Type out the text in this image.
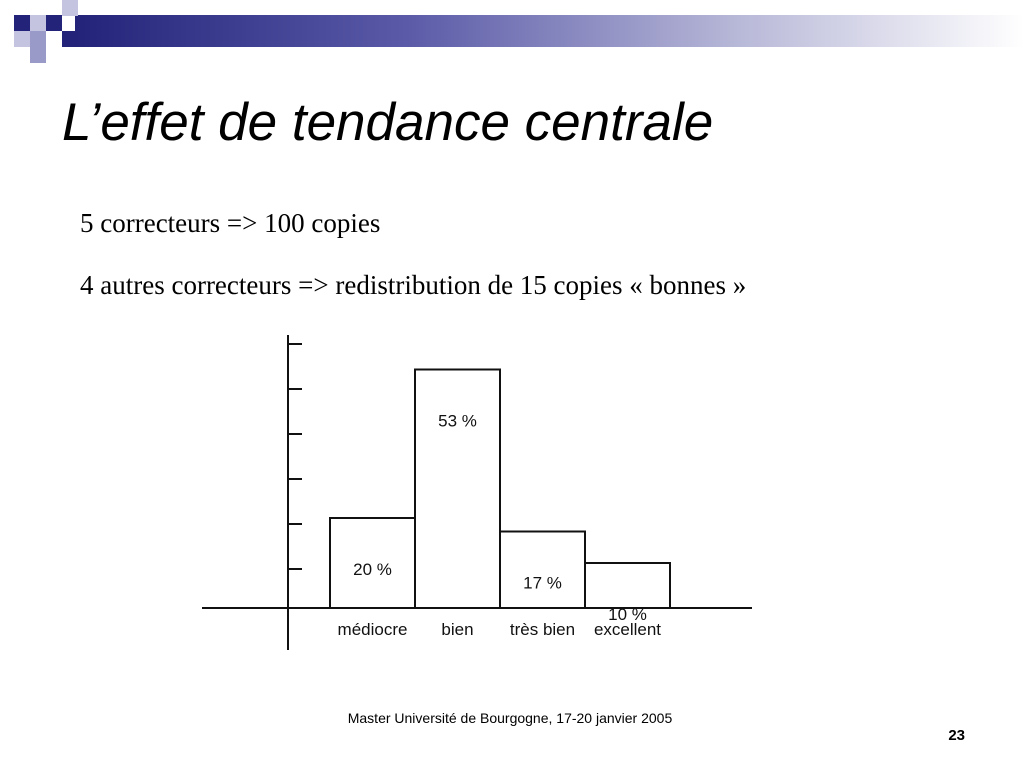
L’effet de tendance centrale

5 correcteurs => 100 copies

4 autres correcteurs => redistribution de 15 copies « bonnes »

20 %
médiocre
53 %
bien
17 %
très bien
10 %
excellent

Master Université de Bourgogne, 17-20 janvier 2005

23
